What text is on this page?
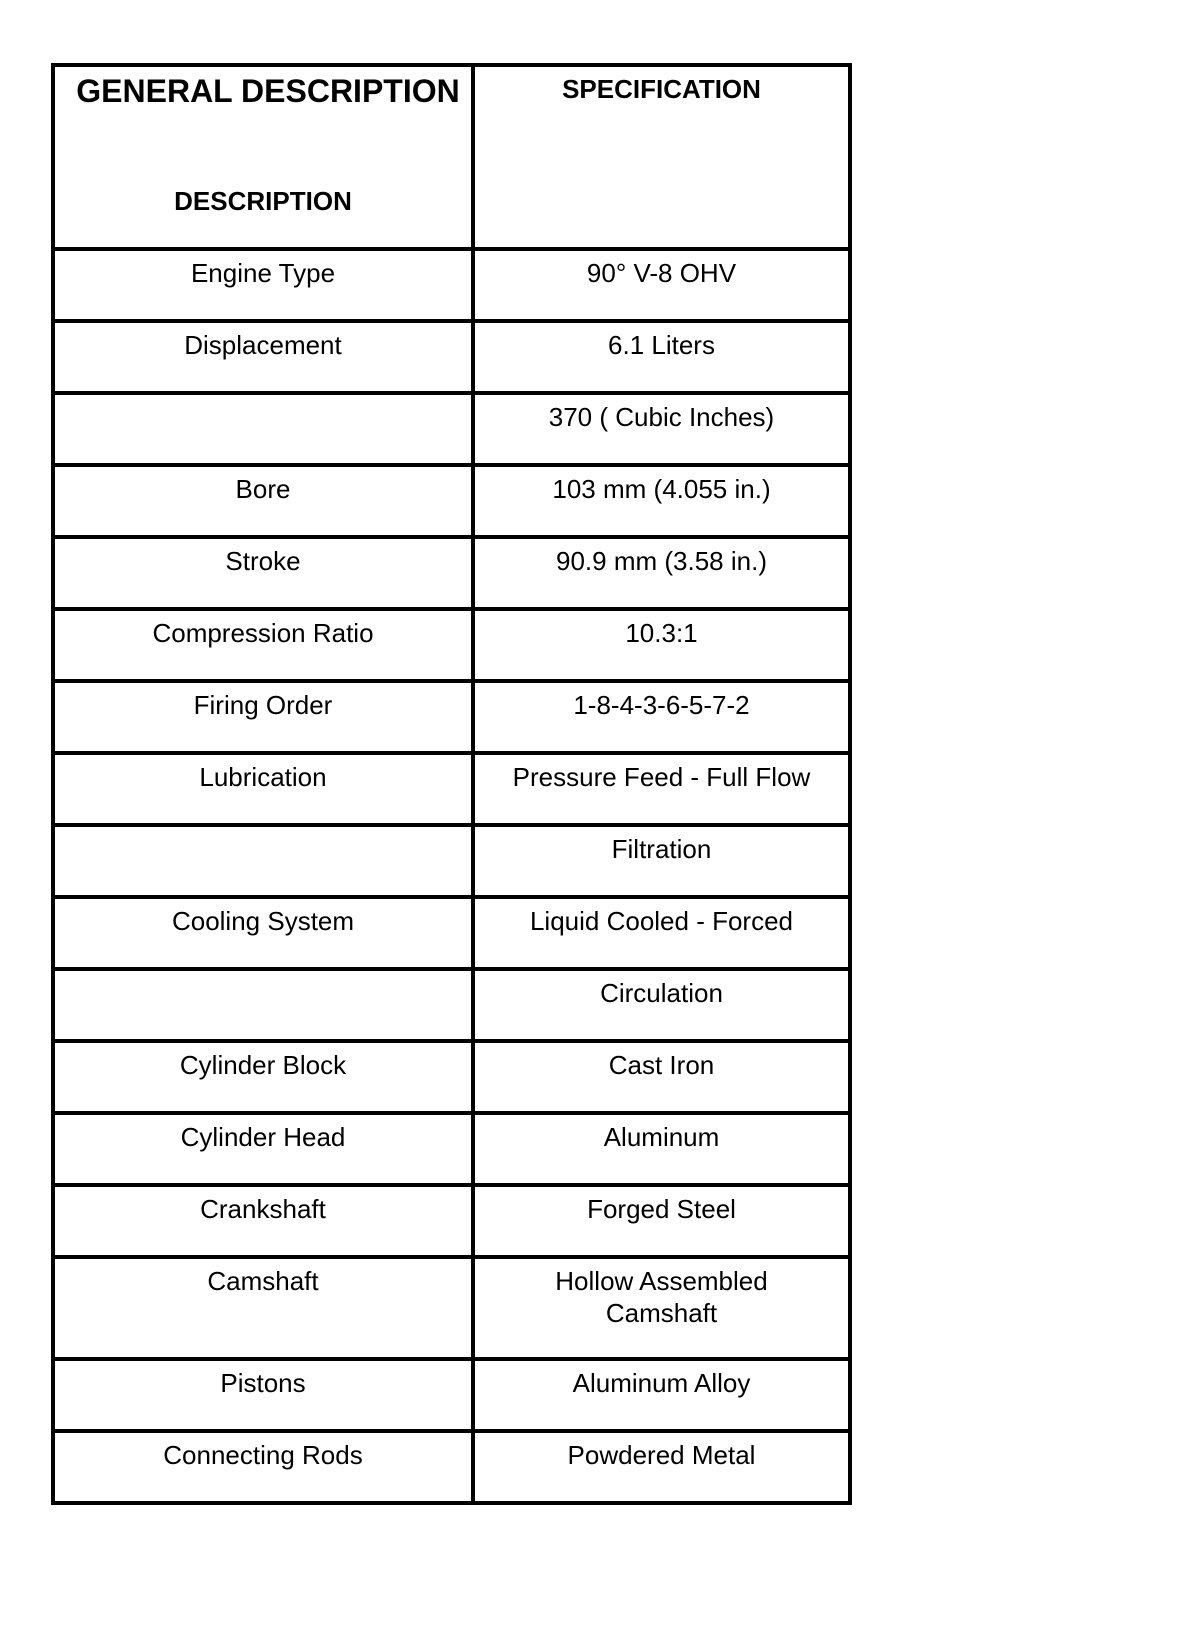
GENERAL DESCRIPTION
DESCRIPTION	SPECIFICATION
Engine Type	90° V-8 OHV
Displacement	6.1 Liters
	370 ( Cubic Inches)
Bore	103 mm (4.055 in.)
Stroke	90.9 mm (3.58 in.)
Compression Ratio	10.3:1
Firing Order	1-8-4-3-6-5-7-2
Lubrication	Pressure Feed - Full Flow
	Filtration
Cooling System	Liquid Cooled - Forced
	Circulation
Cylinder Block	Cast Iron
Cylinder Head	Aluminum
Crankshaft	Forged Steel
Camshaft	Hollow Assembled
Camshaft

Pistons	Aluminum Alloy
Connecting Rods	Powdered Metal
